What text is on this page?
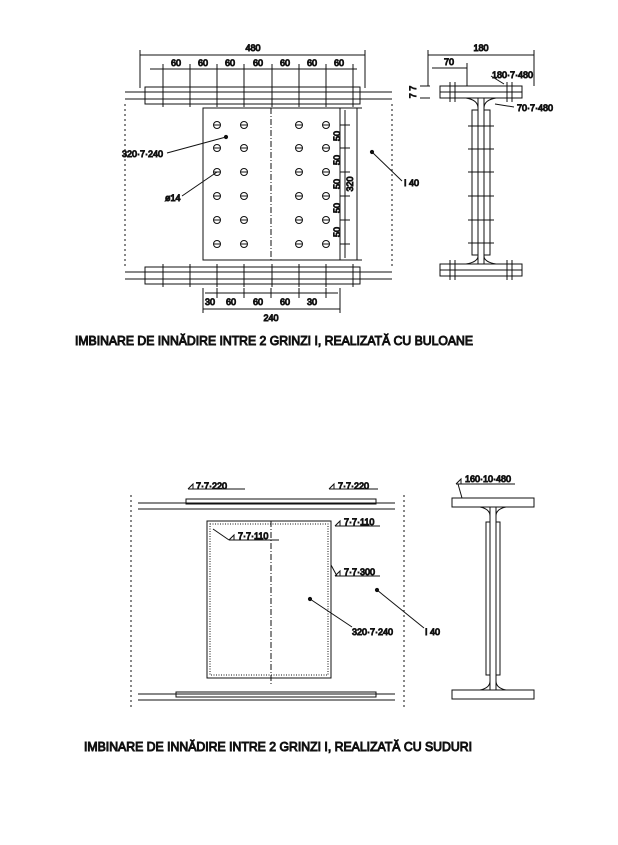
480
60 60 60 60 60 60 60
30 60 60 60 30
240
50
50
50
50
50
320
320·7·240
ø14
I 40
180
70
7 7
180·7·480
70·7·480
IMBINARE DE INNĂDIRE INTRE 2 GRINZI I, REALIZATĂ CU BULOANE
7·7·220	7·7·220
7·7·110
7·7·110
7·7·300
320·7·240	I 40
160·10·480
IMBINARE DE INNĂDIRE INTRE 2 GRINZI I, REALIZATĂ CU SUDURI
